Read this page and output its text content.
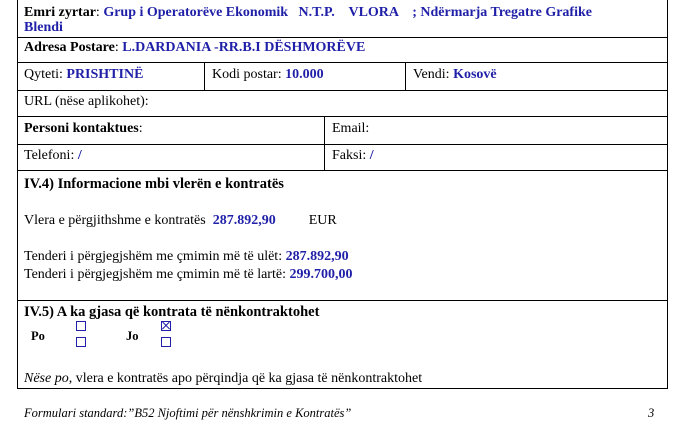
Emri zyrtar: Grup i Operatorëve Ekonomik   N.T.P.    VLORA    ; Ndërmarja Tregatre Grafike
Blendi
Adresa Postare: L.DARDANIA -RR.B.I DËSHMORËVE
Qyteti: PRISHTINË	Kodi postar: 10.000	Vendi: Kosovë
URL (nëse aplikohet):
Personi kontaktues:	Email:
Telefoni: /	Faksi: /
IV.4) Informacione mbi vlerën e kontratës
Vlera e përgjithshme e kontratës 287.892,90 EUR
Tenderi i përgjegjshëm me çmimin më të ulët: 287.892,90
Tenderi i përgjegjshëm me çmimin më të lartë: 299.700,00
IV.5) A ka gjasa që kontrata të nënkontraktohet
Po	Jo
Nëse po, vlera e kontratës apo përqindja që ka gjasa të nënkontraktohet
Formulari standard:”B52 Njoftimi për nënshkrimin e Kontratës”	3
